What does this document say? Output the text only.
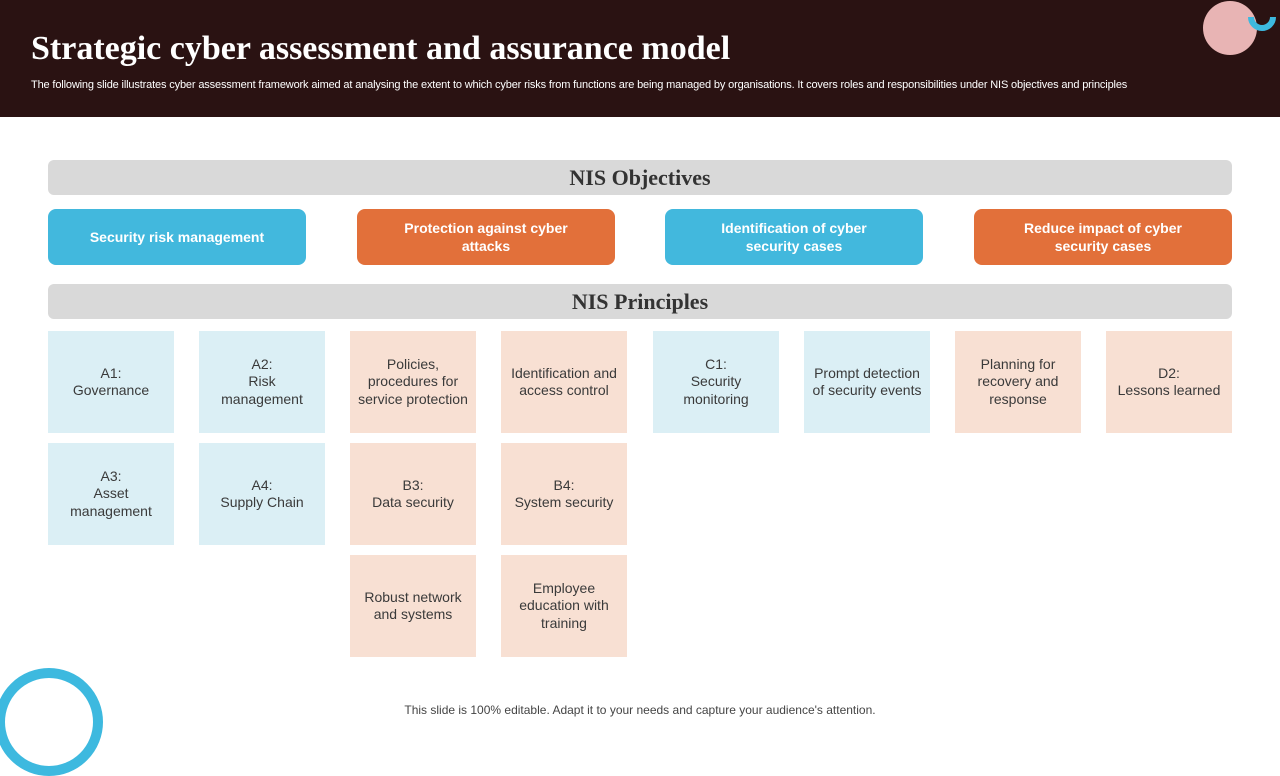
Strategic cyber assessment and assurance model
The following slide illustrates cyber assessment framework aimed at analysing the extent to which cyber risks from functions are being managed by organisations. It covers roles and responsibilities under NIS objectives and principles
NIS Objectives
Security risk management
Protection against cyber attacks
Identification of cyber security cases
Reduce impact of cyber security cases
NIS Principles
A1:
Governance
A2:
Risk
management
Policies,
procedures for
service protection
Identification and
access control
C1:
Security
monitoring
Prompt detection
of security events
Planning for
recovery and
response
D2:
Lessons learned
A3:
Asset
management
A4:
Supply Chain
B3:
Data security
B4:
System security
Robust network
and systems
Employee
education with
training
This slide is 100% editable. Adapt it to your needs and capture your audience's attention.
